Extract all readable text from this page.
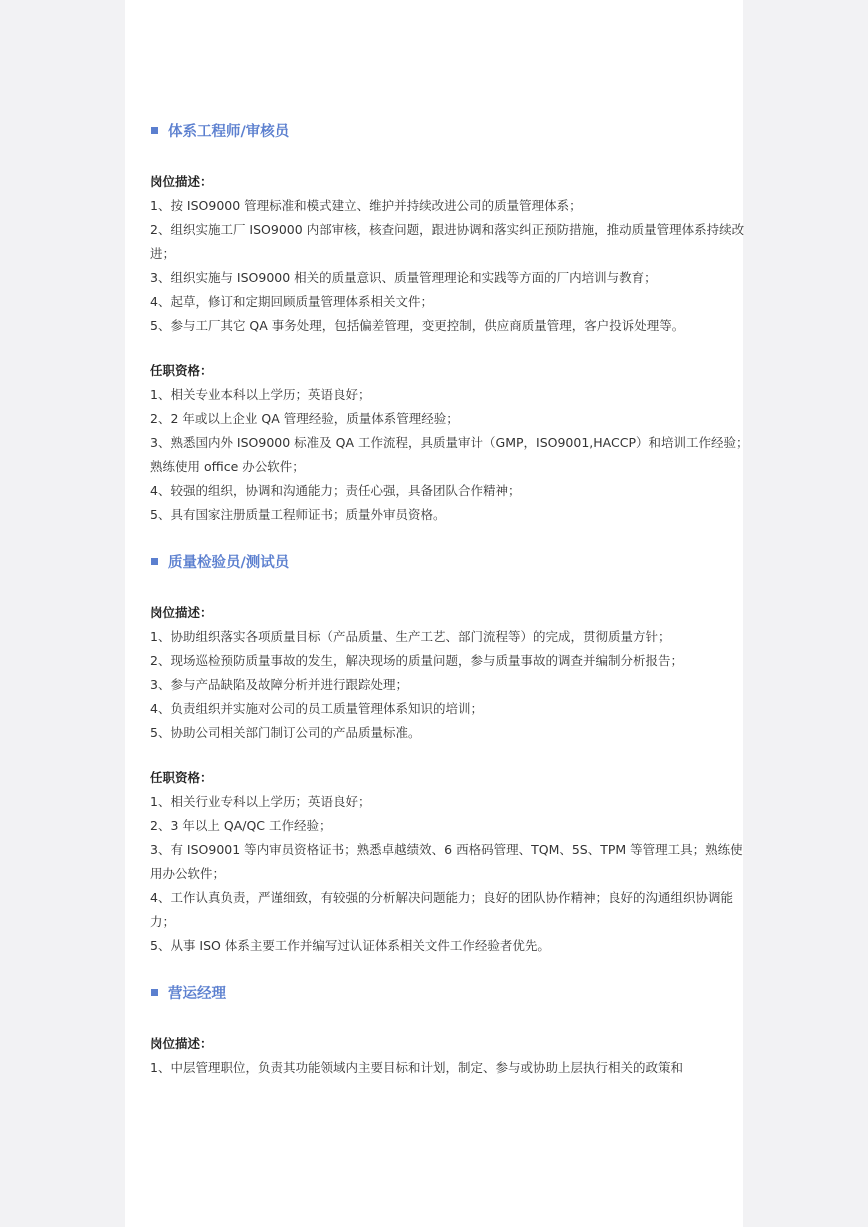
体系工程师/审核员
岗位描述：
1、按 ISO9000 管理标准和模式建立、维护并持续改进公司的质量管理体系；
2、组织实施工厂 ISO9000 内部审核，核查问题，跟进协调和落实纠正预防措施，推动质量管理体系持续改进；
3、组织实施与 ISO9000 相关的质量意识、质量管理理论和实践等方面的厂内培训与教育；
4、起草，修订和定期回顾质量管理体系相关文件；
5、参与工厂其它 QA 事务处理，包括偏差管理，变更控制，供应商质量管理，客户投诉处理等。
任职资格：
1、相关专业本科以上学历；英语良好；
2、2 年或以上企业 QA 管理经验，质量体系管理经验；
3、熟悉国内外 ISO9000 标准及 QA 工作流程，具质量审计（GMP，ISO9001,HACCP）和培训工作经验；熟练使用 office 办公软件；
4、较强的组织，协调和沟通能力；责任心强，具备团队合作精神；
5、具有国家注册质量工程师证书；质量外审员资格。
质量检验员/测试员
岗位描述：
1、协助组织落实各项质量目标（产品质量、生产工艺、部门流程等）的完成，贯彻质量方针；
2、现场巡检预防质量事故的发生，解决现场的质量问题，参与质量事故的调查并编制分析报告；
3、参与产品缺陷及故障分析并进行跟踪处理；
4、负责组织并实施对公司的员工质量管理体系知识的培训；
5、协助公司相关部门制订公司的产品质量标准。
任职资格：
1、相关行业专科以上学历；英语良好；
2、3 年以上 QA/QC 工作经验；
3、有 ISO9001 等内审员资格证书；熟悉卓越绩效、6 西格码管理、TQM、5S、TPM 等管理工具；熟练使用办公软件；
4、工作认真负责，严谨细致，有较强的分析解决问题能力；良好的团队协作精神；良好的沟通组织协调能力；
5、从事 ISO 体系主要工作并编写过认证体系相关文件工作经验者优先。
营运经理
岗位描述：
1、中层管理职位，负责其功能领域内主要目标和计划，制定、参与或协助上层执行相关的政策和
